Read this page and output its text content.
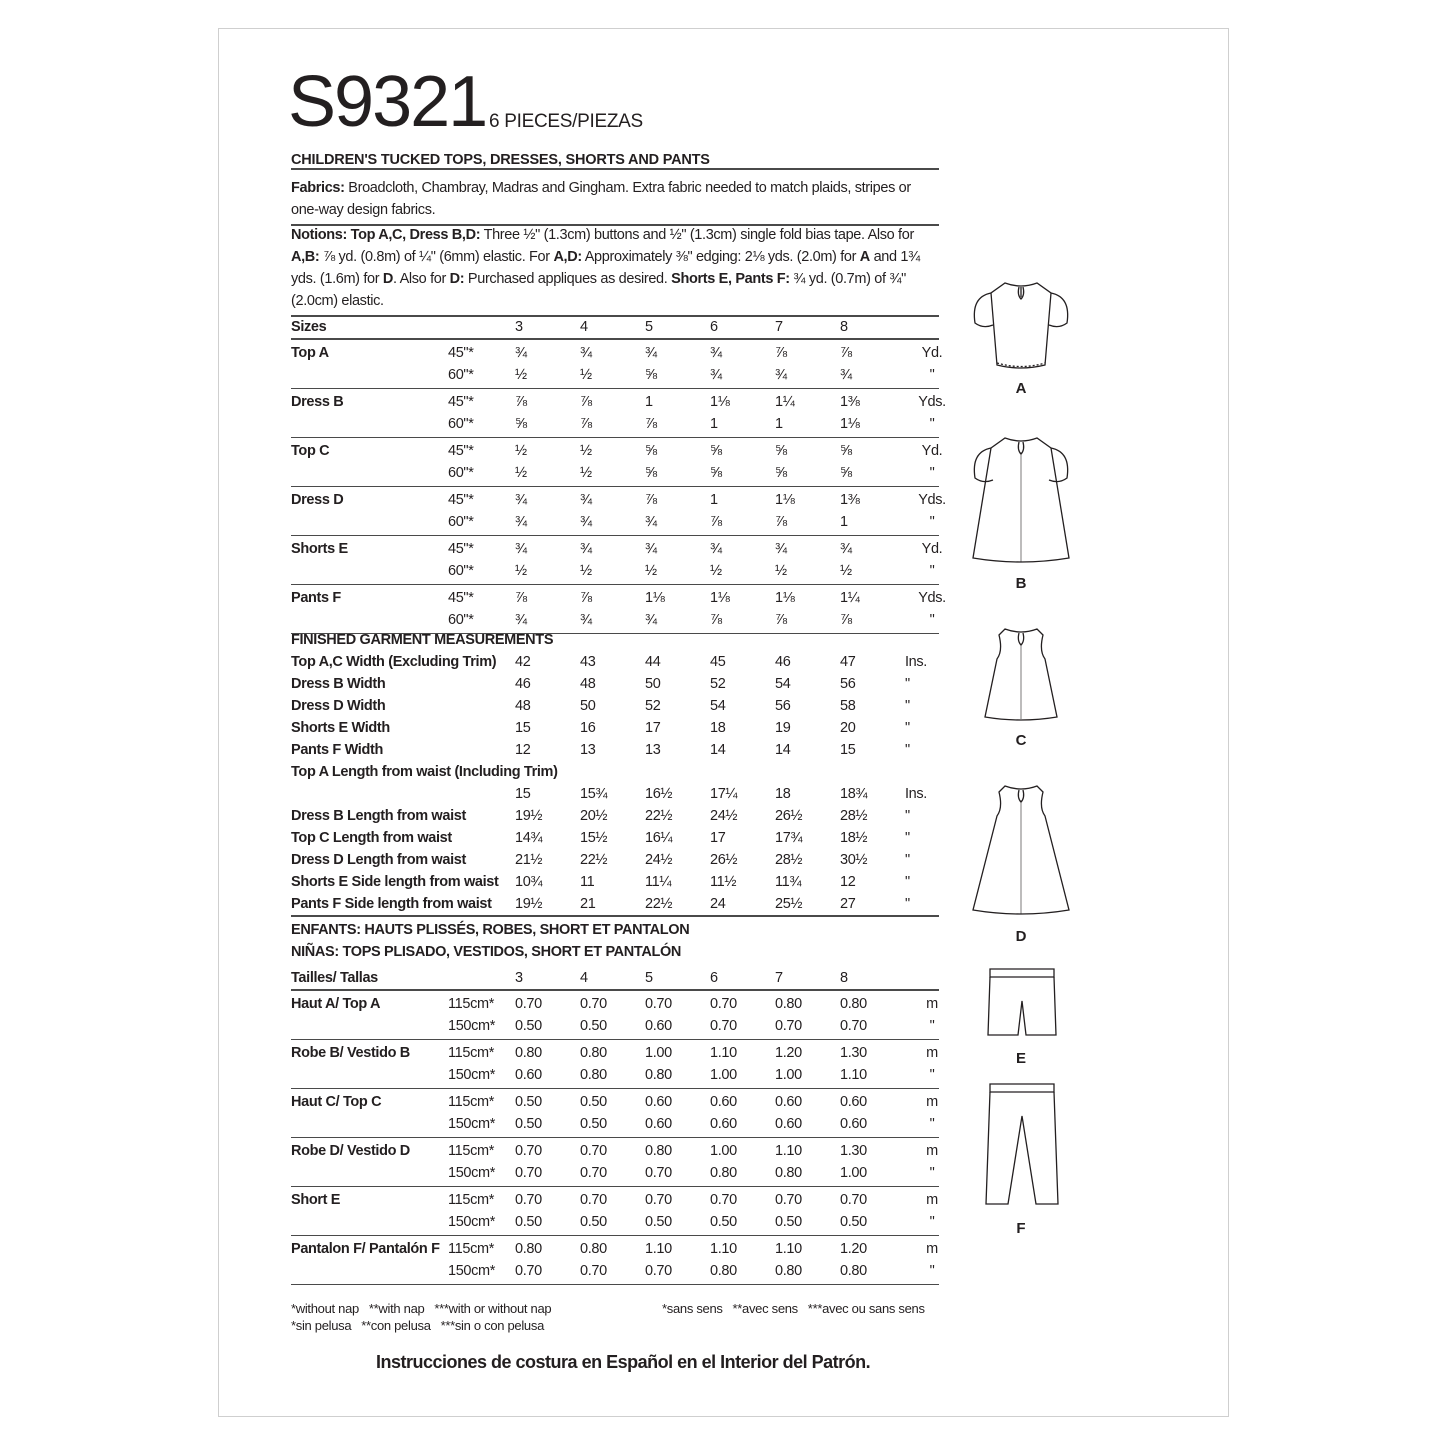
S9321 6 PIECES/PIEZAS
CHILDREN'S TUCKED TOPS, DRESSES, SHORTS AND PANTS
Fabrics: Broadcloth, Chambray, Madras and Gingham. Extra fabric needed to match plaids, stripes or one-way design fabrics.
Notions: Top A,C, Dress B,D: Three ½" (1.3cm) buttons and ½" (1.3cm) single fold bias tape. Also for A,B: ⅞ yd. (0.8m) of ¼" (6mm) elastic. For A,D: Approximately ⅜" edging: 2⅛ yds. (2.0m) for A and 1¾ yds. (1.6m) for D. Also for D: Purchased appliques as desired. Shorts E, Pants F: ¾ yd. (0.7m) of ¾" (2.0cm) elastic.
Sizes	3	4	5	6	7	8
Top A	45"*	¾	¾	¾	¾	⅞	⅞	Yd.
60"*	½	½	⅝	¾	¾	¾	"
Dress B	45"*	⅞	⅞	1	1⅛	1¼	1⅜	Yds.
60"*	⅝	⅞	⅞	1	1	1⅛	"
Top C	45"*	½	½	⅝	⅝	⅝	⅝	Yd.
60"*	½	½	⅝	⅝	⅝	⅝	"
Dress D	45"*	¾	¾	⅞	1	1⅛	1⅜	Yds.
60"*	¾	¾	¾	⅞	⅞	1	"
Shorts E	45"*	¾	¾	¾	¾	¾	¾	Yd.
60"*	½	½	½	½	½	½	"
Pants F	45"*	⅞	⅞	1⅛	1⅛	1⅛	1¼	Yds.
60"*	¾	¾	¾	⅞	⅞	⅞	"
FINISHED GARMENT MEASUREMENTS
Top A,C Width (Excluding Trim)	42	43	44	45	46	47	Ins.
Dress B Width	46	48	50	52	54	56	"
Dress D Width	48	50	52	54	56	58	"
Shorts E Width	15	16	17	18	19	20	"
Pants F Width	12	13	13	14	14	15	"
Top A Length from waist (Including Trim)
15	15¾	16½	17¼	18	18¾	Ins.
Dress B Length from waist	19½	20½	22½	24½	26½	28½	"
Top C Length from waist	14¾	15½	16¼	17	17¾	18½	"
Dress D Length from waist	21½	22½	24½	26½	28½	30½	"
Shorts E Side length from waist	10¾	11	11¼	11½	11¾	12	"
Pants F Side length from waist	19½	21	22½	24	25½	27	"
ENFANTS: HAUTS PLISSÉS, ROBES, SHORT ET PANTALON
NIÑAS: TOPS PLISADO, VESTIDOS, SHORT ET PANTALÓN
Tailles/ Tallas	3	4	5	6	7	8
Haut A/ Top A	115cm*	0.70	0.70	0.70	0.70	0.80	0.80	m
150cm*	0.50	0.50	0.60	0.70	0.70	0.70	"
Robe B/ Vestido B	115cm*	0.80	0.80	1.00	1.10	1.20	1.30	m
150cm*	0.60	0.80	0.80	1.00	1.00	1.10	"
Haut C/ Top C	115cm*	0.50	0.50	0.60	0.60	0.60	0.60	m
150cm*	0.50	0.50	0.60	0.60	0.60	0.60	"
Robe D/ Vestido D	115cm*	0.70	0.70	0.80	1.00	1.10	1.30	m
150cm*	0.70	0.70	0.70	0.80	0.80	1.00	"
Short E	115cm*	0.70	0.70	0.70	0.70	0.70	0.70	m
150cm*	0.50	0.50	0.50	0.50	0.50	0.50	"
Pantalon F/ Pantalón F 115cm*	0.80	0.80	1.10	1.10	1.10	1.20	m
150cm*	0.70	0.70	0.70	0.80	0.80	0.80	"
*without nap   **with nap   ***with or without nap
*sin pelusa   **con pelusa   ***sin o con pelusa
*sans sens   **avec sens   ***avec ou sans sens
Instrucciones de costura en Español en el Interior del Patrón.
A
B
C
D
E
F
